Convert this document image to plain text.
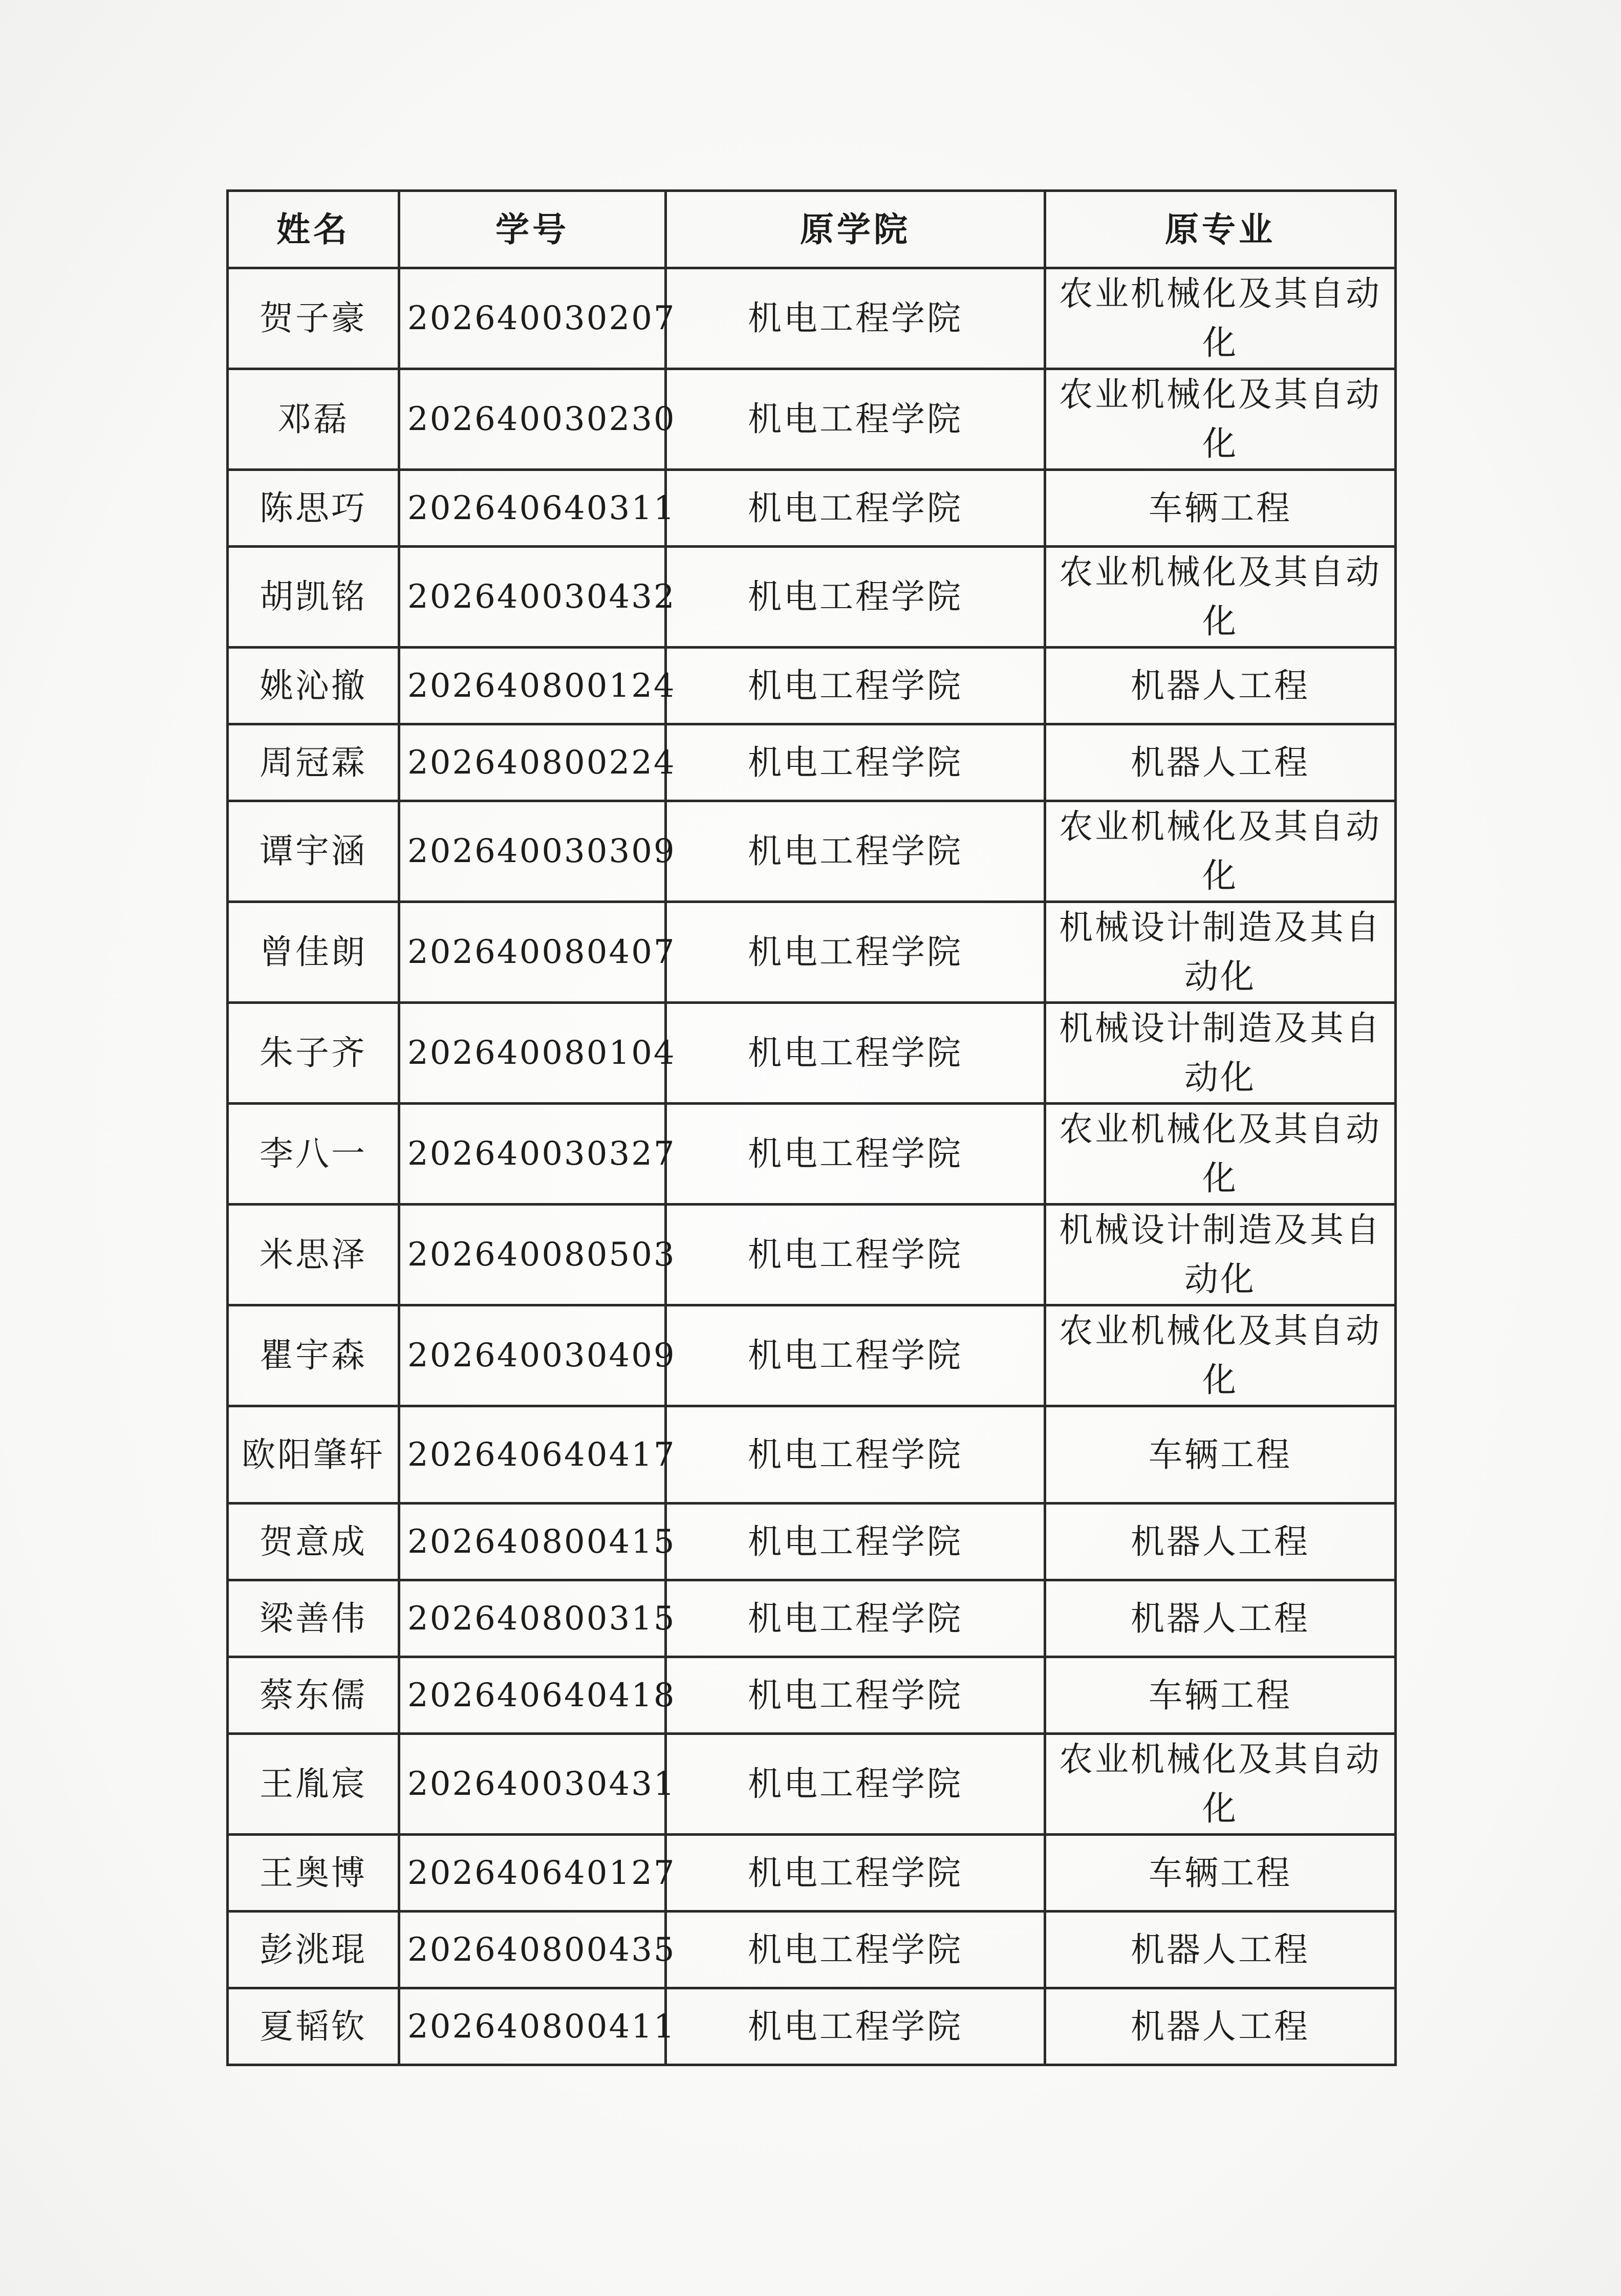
姓名	学号	原学院	原专业
贺子豪	202640030207	机电工程学院	农业机械化及其自动化
邓磊	202640030230	机电工程学院	农业机械化及其自动化
陈思巧	202640640311	机电工程学院	车辆工程
胡凯铭	202640030432	机电工程学院	农业机械化及其自动化
姚沁撤	202640800124	机电工程学院	机器人工程
周冠霖	202640800224	机电工程学院	机器人工程
谭宇涵	202640030309	机电工程学院	农业机械化及其自动化
曾佳朗	202640080407	机电工程学院	机械设计制造及其自动化
朱子齐	202640080104	机电工程学院	机械设计制造及其自动化
李八一	202640030327	机电工程学院	农业机械化及其自动化
米思泽	202640080503	机电工程学院	机械设计制造及其自动化
瞿宇森	202640030409	机电工程学院	农业机械化及其自动化
欧阳肇轩	202640640417	机电工程学院	车辆工程
贺意成	202640800415	机电工程学院	机器人工程
梁善伟	202640800315	机电工程学院	机器人工程
蔡东儒	202640640418	机电工程学院	车辆工程
王胤宸	202640030431	机电工程学院	农业机械化及其自动化
王奥博	202640640127	机电工程学院	车辆工程
彭洮琨	202640800435	机电工程学院	机器人工程
夏韬钦	202640800411	机电工程学院	机器人工程
